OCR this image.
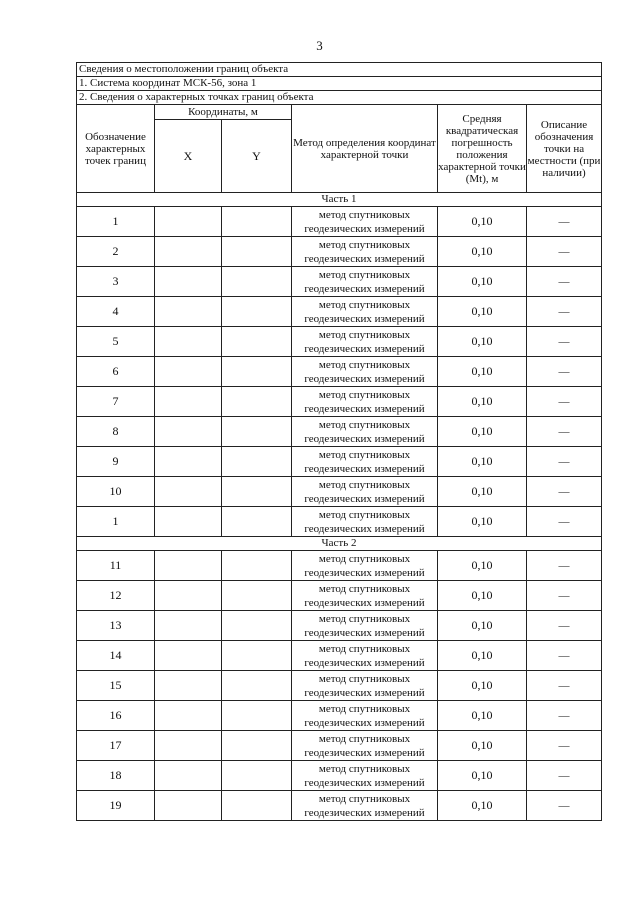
3
Сведения о местоположении границ объекта					
1. Система координат МСК-56, зона 1					
2. Сведения о характерных точках границ объекта					
Обозначение характерных точек границ	Координаты, м		Метод определения координат характерной точки	Средняя квадратическая погрешность положения характерной точки (Mt), м	Описание обозначения точки на местности (при наличии)
	X	Y			
Часть 1					
1			метод спутниковых
геодезических измерений	0,10	—
2			метод спутниковых
геодезических измерений	0,10	—
3			метод спутниковых
геодезических измерений	0,10	—
4			метод спутниковых
геодезических измерений	0,10	—
5			метод спутниковых
геодезических измерений	0,10	—
6			метод спутниковых
геодезических измерений	0,10	—
7			метод спутниковых
геодезических измерений	0,10	—
8			метод спутниковых
геодезических измерений	0,10	—
9			метод спутниковых
геодезических измерений	0,10	—
10			метод спутниковых
геодезических измерений	0,10	—
1			метод спутниковых
геодезических измерений	0,10	—
Часть 2					
11			метод спутниковых
геодезических измерений	0,10	—
12			метод спутниковых
геодезических измерений	0,10	—
13			метод спутниковых
геодезических измерений	0,10	—
14			метод спутниковых
геодезических измерений	0,10	—
15			метод спутниковых
геодезических измерений	0,10	—
16			метод спутниковых
геодезических измерений	0,10	—
17			метод спутниковых
геодезических измерений	0,10	—
18			метод спутниковых
геодезических измерений	0,10	—
19			метод спутниковых
геодезических измерений	0,10	—
